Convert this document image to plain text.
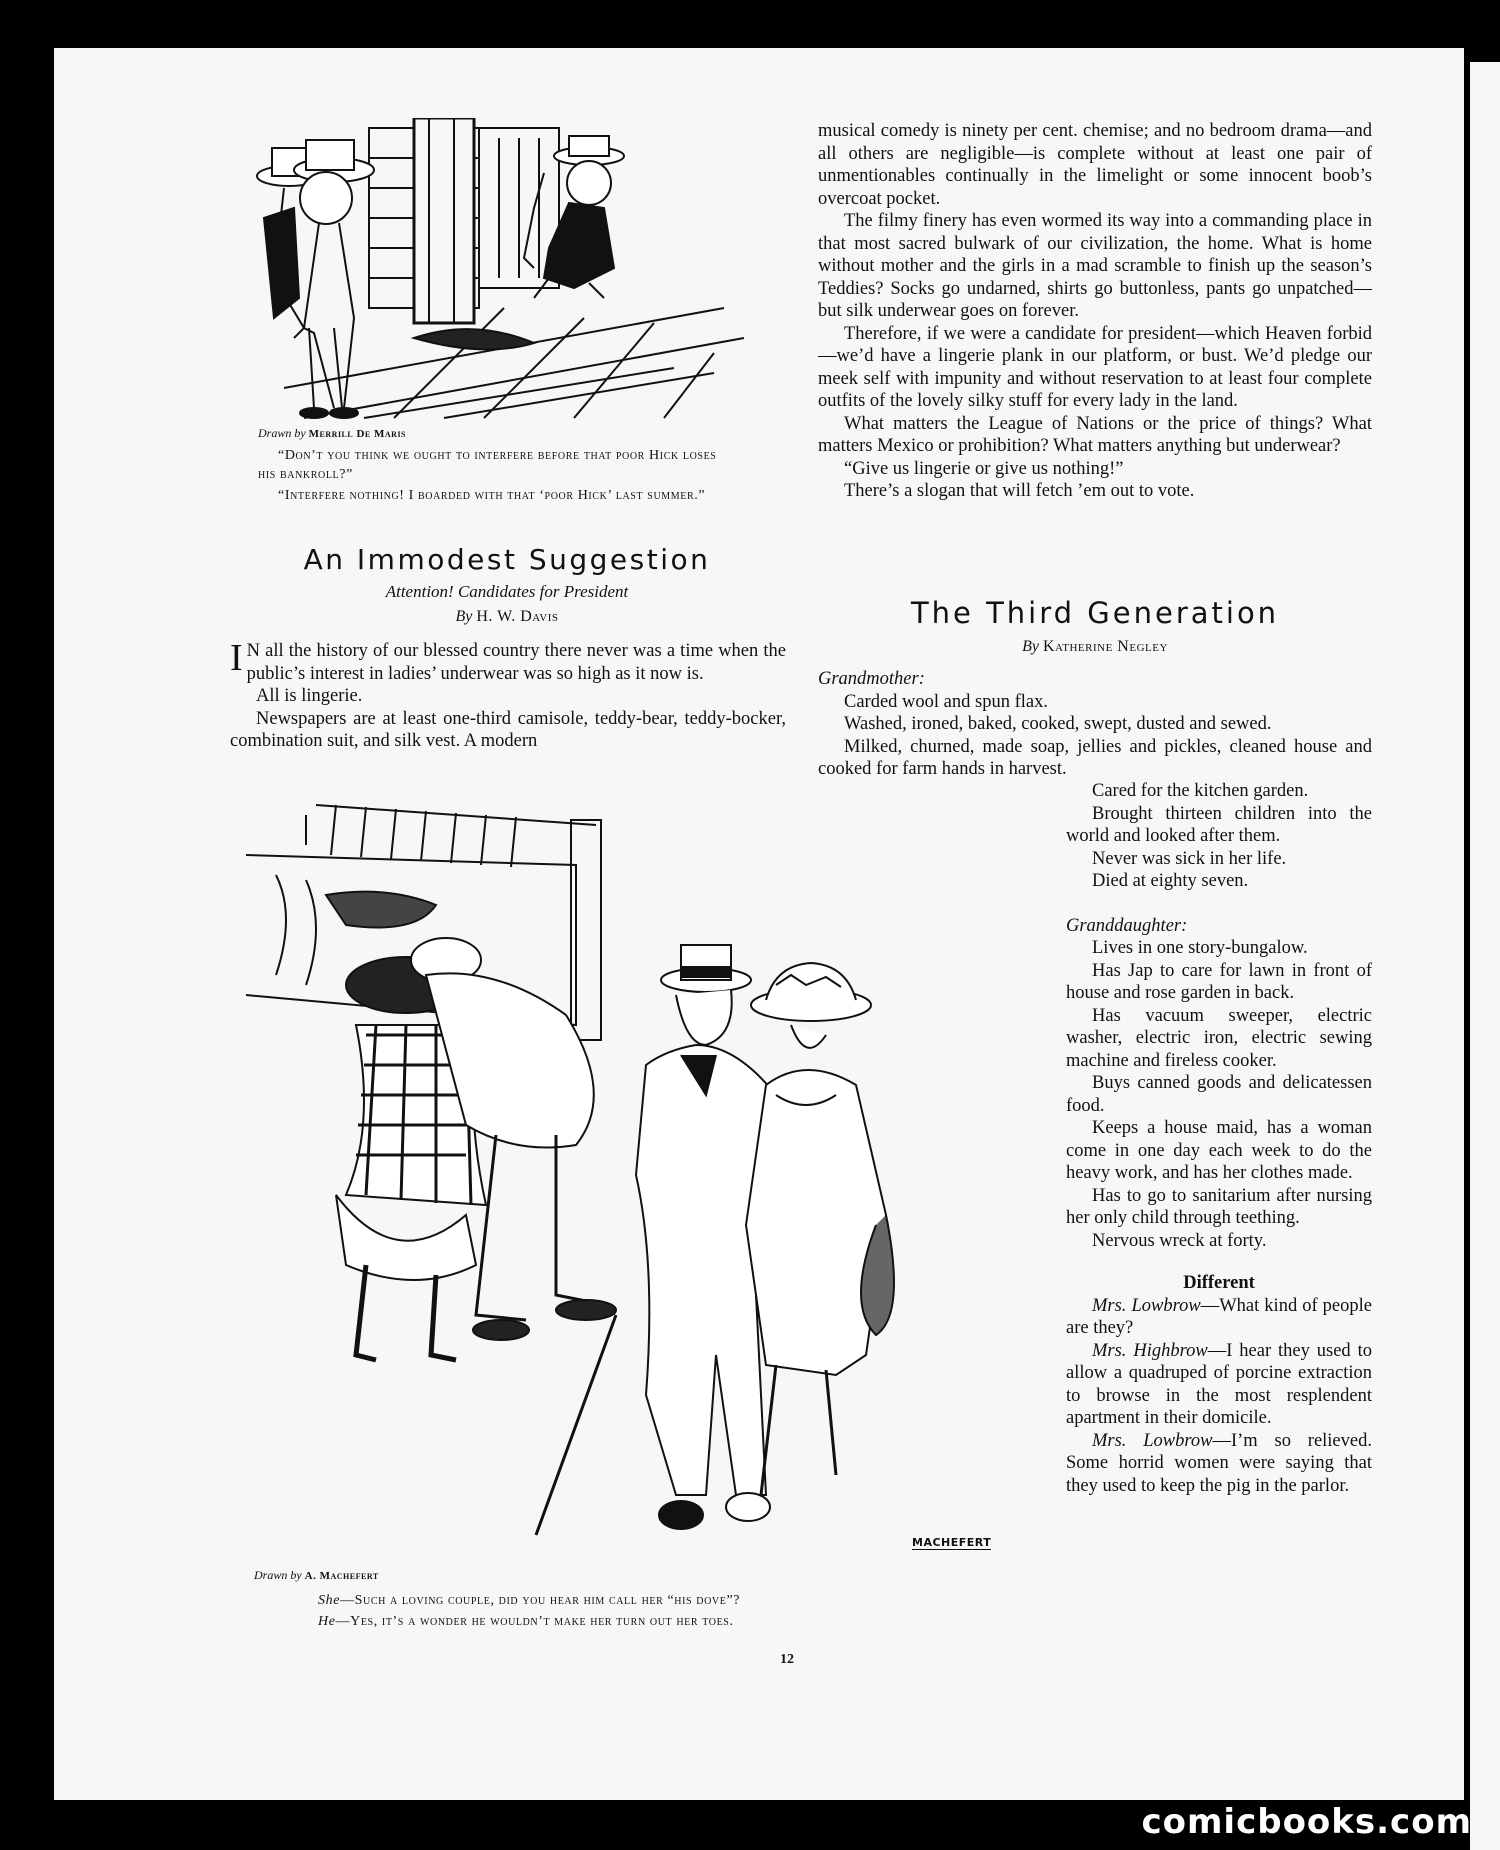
Drawn by Merrill De Maris
“Don’t you think we ought to interfere before that poor Hick loses his bankroll?”
“Interfere nothing! I boarded with that ‘poor Hick’ last summer.”
An Immodest Suggestion
Attention! Candidates for President
By H. W. Davis

I N all the history of our blessed country there never was a time when the public’s interest in ladies’ underwear was so high as it now is.

All is lingerie.

Newspapers are at least one-third camisole, teddy-bear, teddy-bocker, combination suit, and silk vest. A modern

musical comedy is ninety per cent. chemise; and no bedroom drama—and all others are negligible—is complete without at least one pair of unmentionables continually in the limelight or some innocent boob’s overcoat pocket.

The filmy finery has even wormed its way into a commanding place in that most sacred bulwark of our civilization, the home. What is home without mother and the girls in a mad scramble to finish up the season’s Teddies? Socks go undarned, shirts go buttonless, pants go unpatched—but silk underwear goes on forever.

Therefore, if we were a candidate for president—which Heaven forbid—we’d have a lingerie plank in our platform, or bust. We’d pledge our meek self with impunity and without reservation to at least four complete outfits of the lovely silky stuff for every lady in the land.

What matters the League of Nations or the price of things? What matters Mexico or prohibition? What matters anything but underwear?

“Give us lingerie or give us nothing!”

There’s a slogan that will fetch ’em out to vote.

The Third Generation
By Katherine Negley

Grandmother:

Carded wool and spun flax.

Washed, ironed, baked, cooked, swept, dusted and sewed.

Milked, churned, made soap, jellies and pickles, cleaned house and cooked for farm hands in harvest.

Cared for the kitchen garden.

Brought thirteen children into the world and looked after them.

Never was sick in her life.

Died at eighty seven.

Granddaughter:

Lives in one story-bungalow.

Has Jap to care for lawn in front of house and rose garden in back.

Has vacuum sweeper, electric washer, electric iron, electric sewing machine and fireless cooker.

Buys canned goods and delicatessen food.

Keeps a house maid, has a woman come in one day each week to do the heavy work, and has her clothes made.

Has to go to sanitarium after nursing her only child through teething.

Nervous wreck at forty.

Different

Mrs. Lowbrow—What kind of people are they?

Mrs. Highbrow—I hear they used to allow a quadruped of porcine extraction to browse in the most resplendent apartment in their domicile.

Mrs. Lowbrow—I’m so relieved. Some horrid women were saying that they used to keep the pig in the parlor.

MACHEFERT
Drawn by A. Machefert
She—Such a loving couple, did you hear him call her “his dove”?
He—Yes, it’s a wonder he wouldn’t make her turn out her toes.
12
comicbooks.com
